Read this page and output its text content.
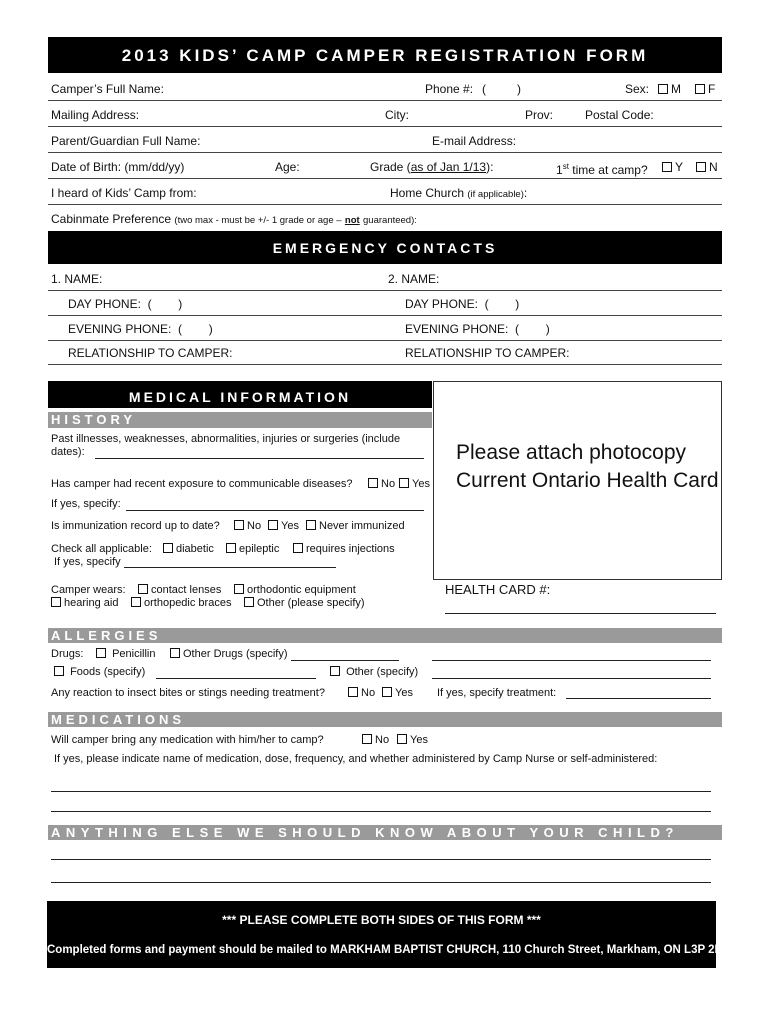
2013 KIDS’ CAMP CAMPER REGISTRATION FORM
Camper’s Full Name:	Phone #: (	)	Sex:	M	F
Mailing Address:	City:	Prov:	Postal Code:
Parent/Guardian Full Name:	E-mail Address:
Date of Birth: (mm/dd/yy)	Age:	Grade (as of Jan 1/13):	1st time at camp?	Y	N
I heard of Kids’ Camp from:	Home Church (if applicable):
Cabinmate Preference (two max - must be +/- 1 grade or age – not guaranteed):
EMERGENCY CONTACTS
1. NAME:	2. NAME:
DAY PHONE:  (        )	DAY PHONE:  (        )
EVENING PHONE:  (        )	EVENING PHONE:  (        )
RELATIONSHIP TO CAMPER:	RELATIONSHIP TO CAMPER:
MEDICAL INFORMATION
HISTORY
Please attach photocopy
Current Ontario Health Card
Past illnesses, weaknesses, abnormalities, injuries or surgeries (include
dates):
Has camper had recent exposure to communicable diseases?	No	Yes
If yes, specify:
Is immunization record up to date?	No	Yes	Never immunized
Check all applicable:	diabetic	epileptic	requires injections
If yes, specify
Camper wears:	contact lenses	orthodontic equipment
hearing aid	orthopedic braces	Other (please specify)
HEALTH CARD #:
ALLERGIES
Drugs:	Penicillin	Other Drugs (specify)
Foods (specify)	Other (specify)
Any reaction to insect bites or stings needing treatment?	No	Yes If yes, specify treatment:
MEDICATIONS
Will camper bring any medication with him/her to camp?	No	Yes
If yes, please indicate name of medication, dose, frequency, and whether administered by Camp Nurse or self-administered:
ANYTHING ELSE WE SHOULD KNOW ABOUT YOUR CHILD?
*** PLEASE COMPLETE BOTH SIDES OF THIS FORM ***
Completed forms and payment should be mailed to MARKHAM BAPTIST CHURCH, 110 Church Street, Markham, ON L3P 2M4
